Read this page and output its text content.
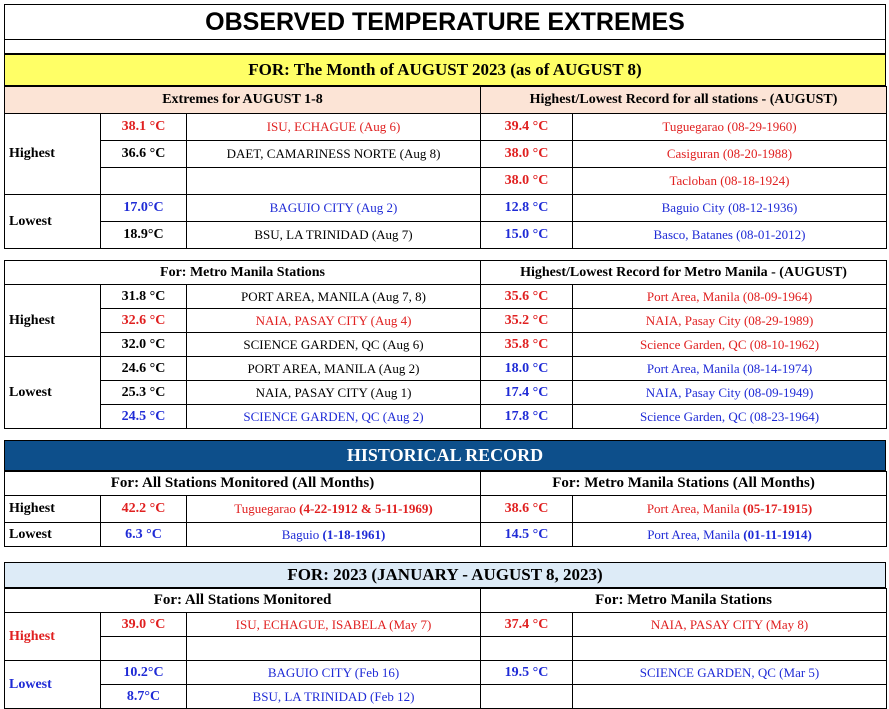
OBSERVED TEMPERATURE EXTREMES
FOR: The Month of AUGUST 2023 (as of AUGUST 8)
Extremes for AUGUST 1-8			Highest/Lowest Record for all stations - (AUGUST)	
Highest	38.1 °C	ISU, ECHAGUE (Aug 6)	39.4 °C	Tuguegarao (08-29-1960)
	36.6 °C	DAET, CAMARINESS NORTE (Aug 8)	38.0 °C	Casiguran (08-20-1988)
			38.0 °C	Tacloban (08-18-1924)
Lowest	17.0°C	BAGUIO CITY (Aug 2)	12.8 °C	Baguio City (08-12-1936)
	18.9°C	BSU, LA TRINIDAD (Aug 7)	15.0 °C	Basco, Batanes (08-01-2012)
For: Metro Manila Stations			Highest/Lowest Record for Metro Manila - (AUGUST)	
Highest	31.8 °C	PORT AREA, MANILA (Aug 7, 8)	35.6 °C	Port Area, Manila (08-09-1964)
	32.6 °C	NAIA, PASAY CITY (Aug 4)	35.2 °C	NAIA, Pasay City (08-29-1989)
	32.0 °C	SCIENCE GARDEN, QC (Aug 6)	35.8 °C	Science Garden, QC (08-10-1962)
Lowest	24.6 °C	PORT AREA, MANILA (Aug 2)	18.0 °C	Port Area, Manila (08-14-1974)
	25.3 °C	NAIA, PASAY CITY (Aug 1)	17.4 °C	NAIA, Pasay City (08-09-1949)
	24.5 °C	SCIENCE GARDEN, QC (Aug 2)	17.8 °C	Science Garden, QC (08-23-1964)
HISTORICAL RECORD
For: All Stations Monitored (All Months)			For: Metro Manila Stations (All Months)	
Highest	42.2 °C	Tuguegarao (4-22-1912 & 5-11-1969)	38.6 °C	Port Area, Manila (05-17-1915)
Lowest	6.3 °C	Baguio (1-18-1961)	14.5 °C	Port Area, Manila (01-11-1914)
FOR: 2023 (JANUARY - AUGUST 8, 2023)
For: All Stations Monitored			For: Metro Manila Stations	
Highest	39.0 °C	ISU, ECHAGUE, ISABELA (May 7)	37.4 °C	NAIA, PASAY CITY (May 8)

Lowest	10.2°C	BAGUIO CITY (Feb 16)	19.5 °C	SCIENCE GARDEN, QC (Mar 5)
	8.7°C	BSU, LA TRINIDAD (Feb 12)		
